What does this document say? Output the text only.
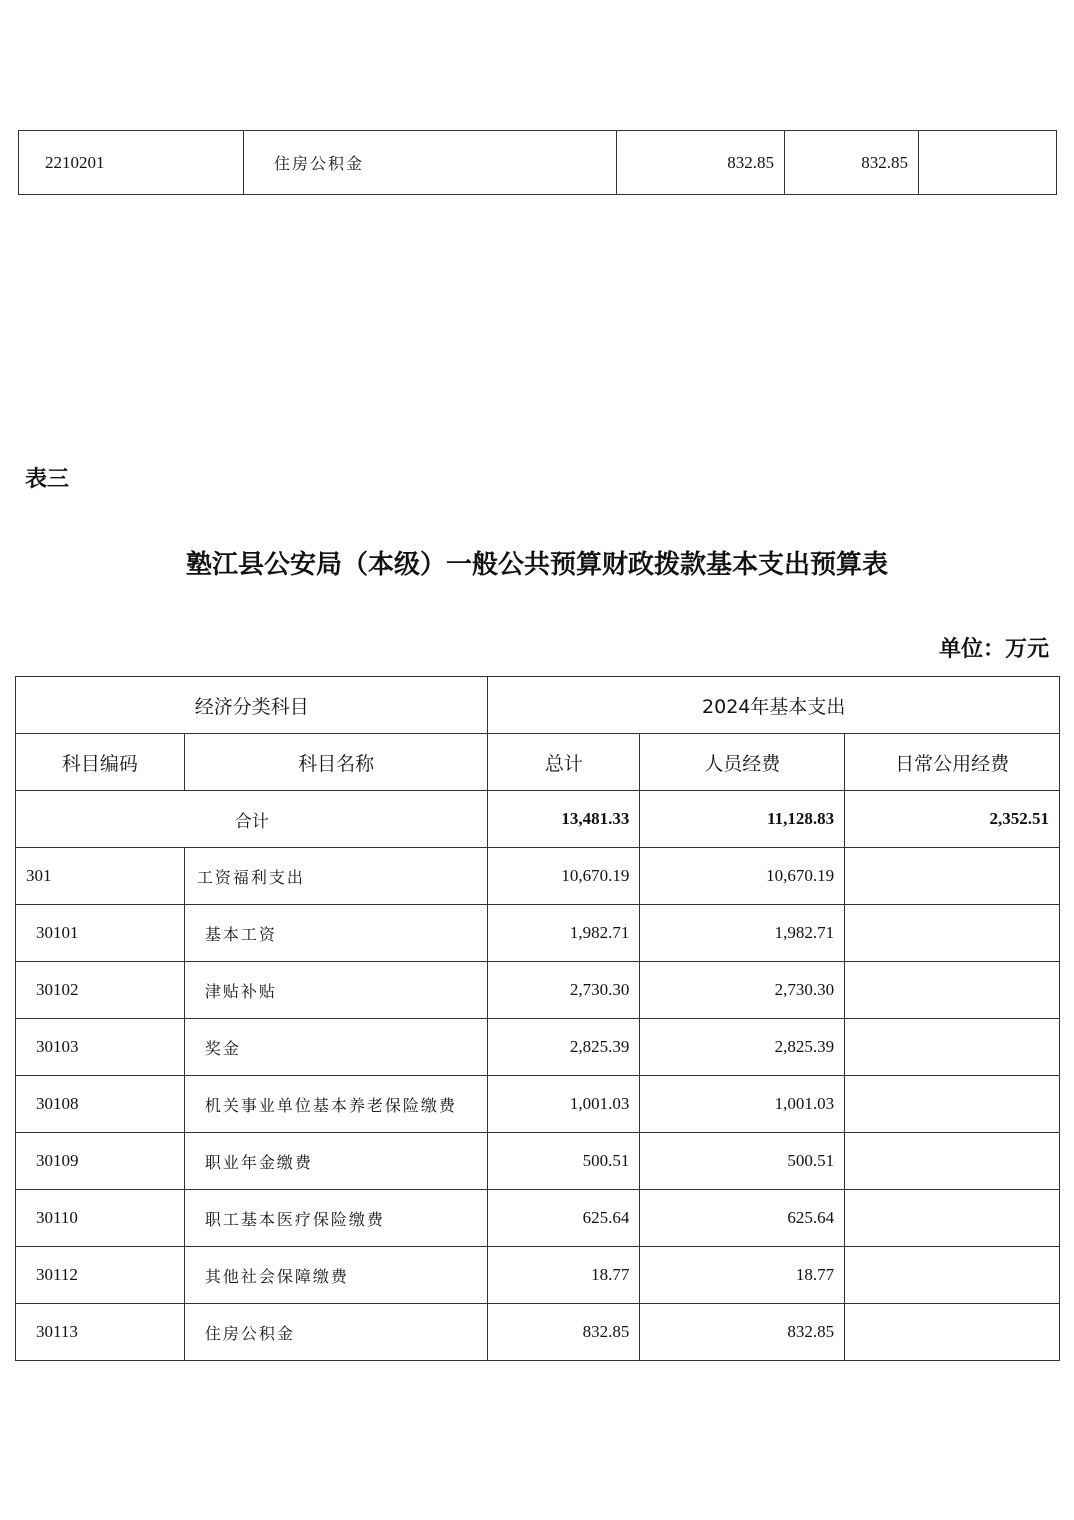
2210201	住房公积金	832.85	832.85	
表三
塾江县公安局（本级）一般公共预算财政拨款基本支出预算表
单位：万元
经济分类科目		2024年基本支出		
科目编码	科目名称	总计	人员经费	日常公用经费
合计		13,481.33	11,128.83	2,352.51
301	工资福利支出	10,670.19	10,670.19	
30101	基本工资	1,982.71	1,982.71	
30102	津贴补贴	2,730.30	2,730.30	
30103	奖金	2,825.39	2,825.39	
30108	机关事业单位基本养老保险缴费	1,001.03	1,001.03	
30109	职业年金缴费	500.51	500.51	
30110	职工基本医疗保险缴费	625.64	625.64	
30112	其他社会保障缴费	18.77	18.77	
30113	住房公积金	832.85	832.85	
